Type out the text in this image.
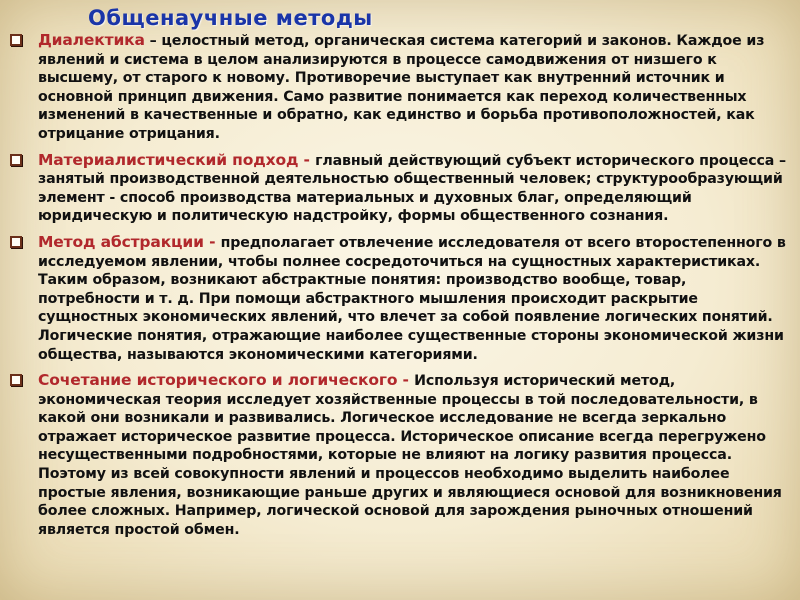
Общенаучные методы
Диалектика – целостный метод, органическая система категорий и законов. Каждое из явлений и система в целом анализируются в процессе самодвижения от низшего к высшему, от старого к новому. Противоречие выступает как внутренний источник и основной принцип движения. Само развитие понимается как переход количественных изменений в качественные и обратно, как единство и борьба противоположностей, как отрицание отрицания.
Материалистический подход - главный действующий субъект исторического процесса – занятый производственной деятельностью общественный человек; структурообразующий элемент - способ производства материальных и духовных благ, определяющий юридическую и политическую надстройку, формы общественного сознания.
Метод абстракции - предполагает отвлечение исследователя от всего второстепенного в исследуемом явлении, чтобы полнее сосредоточиться на сущностных характеристиках. Таким образом, возникают абстрактные понятия: производство вообще, товар, потребности и т. д. При помощи абстрактного мышления происходит раскрытие сущностных экономических явлений, что влечет за собой появление логических понятий. Логические понятия, отражающие наиболее существенные стороны экономической жизни общества, называются экономическими категориями.
Сочетание исторического и логического - Используя исторический метод, экономическая теория исследует хозяйственные процессы в той последовательности, в какой они возникали и развивались. Логическое исследование не всегда зеркально отражает историческое развитие процесса. Историческое описание всегда перегружено несущественными подробностями, которые не влияют на логику развития процесса. Поэтому из всей совокупности явлений и процессов необходимо выделить наиболее простые явления, возникающие раньше других и являющиеся основой для возникновения более сложных. Например, логической основой для зарождения рыночных отношений является простой обмен.
